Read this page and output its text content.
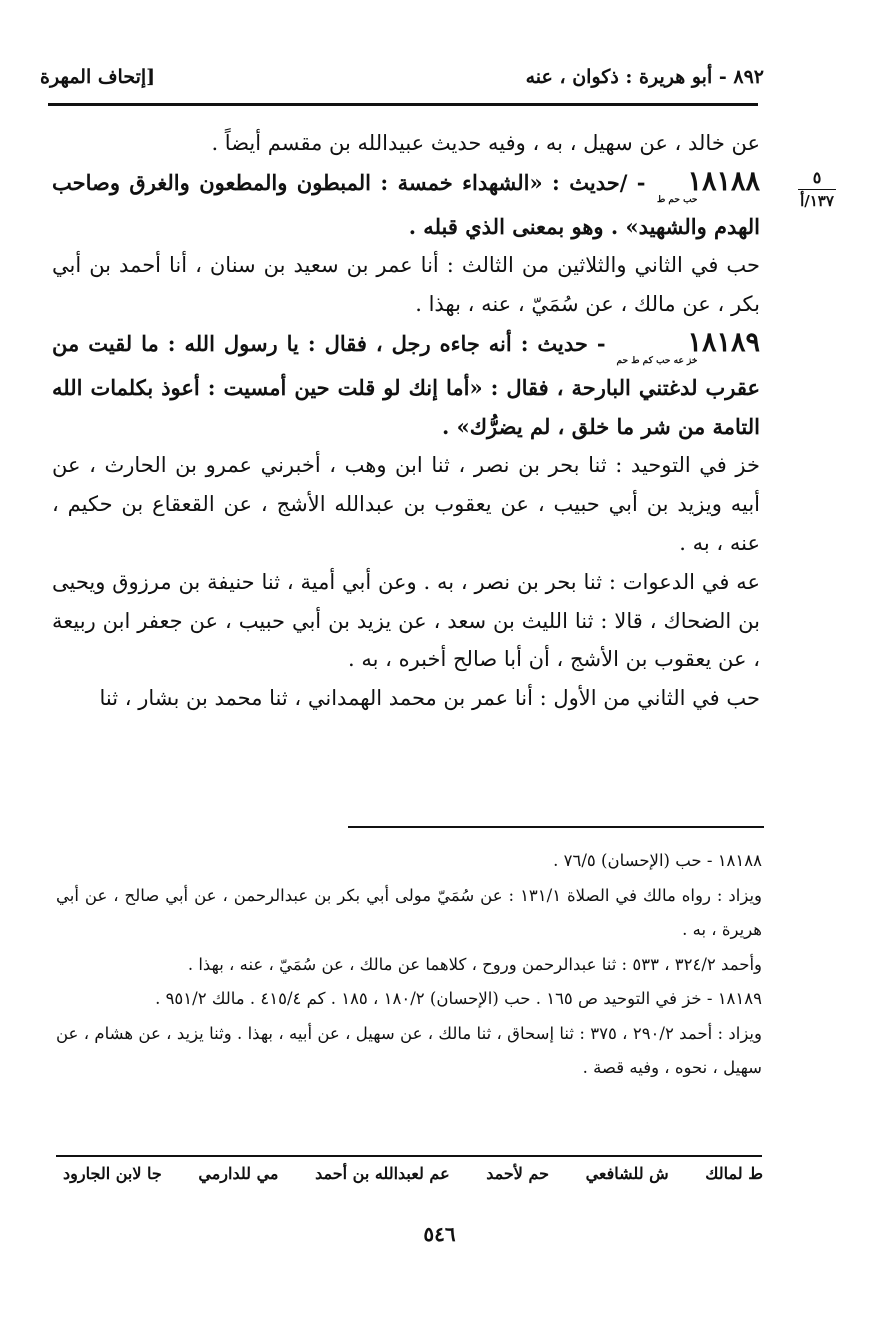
٨٩٢ - أبو هريرة : ذكوان ، عنه
[إتحاف المهرة
٥
١٣٧/أ

عن خالد ، عن سهيل ، به ، وفيه حديث عبيدالله بن مقسم أيضاً .

١٨١٨٨حب حم ط - /حديث : «الشهداء خمسة : المبطون والمطعون والغرق وصاحب الهدم والشهيد» . وهو بمعنى الذي قبله .

حب في الثاني والثلاثين من الثالث : أنا عمر بن سعيد بن سنان ، أنا أحمد بن أبي بكر ، عن مالك ، عن سُمَيّ ، عنه ، بهذا .

١٨١٨٩خز عه حب كم ط حم - حديث : أنه جاءه رجل ، فقال : يا رسول الله : ما لقيت من عقرب لدغتني البارحة ، فقال : «أما إنك لو قلت حين أمسيت : أعوذ بكلمات الله التامة من شر ما خلق ، لم يضرُّك» .

خز في التوحيد : ثنا بحر بن نصر ، ثنا ابن وهب ، أخبرني عمرو بن الحارث ، عن أبيه ويزيد بن أبي حبيب ، عن يعقوب بن عبدالله الأشج ، عن القعقاع بن حكيم ، عنه ، به .

عه في الدعوات : ثنا بحر بن نصر ، به . وعن أبي أمية ، ثنا حنيفة بن مرزوق ويحيى بن الضحاك ، قالا : ثنا الليث بن سعد ، عن يزيد بن أبي حبيب ، عن جعفر ابن ربيعة ، عن يعقوب بن الأشج ، أن أبا صالح أخبره ، به .

حب في الثاني من الأول : أنا عمر بن محمد الهمداني ، ثنا محمد بن بشار ، ثنا

١٨١٨٨ - حب (الإحسان) ٧٦/٥ .

ويزاد : رواه مالك في الصلاة ١٣١/١ : عن سُمَيّ مولى أبي بكر بن عبدالرحمن ، عن أبي صالح ، عن أبي هريرة ، به .

وأحمد ٣٢٤/٢ ، ٥٣٣ : ثنا عبدالرحمن وروح ، كلاهما عن مالك ، عن سُمَيّ ، عنه ، بهذا .

١٨١٨٩ - خز في التوحيد ص ١٦٥ . حب (الإحسان) ١٨٠/٢ ، ١٨٥ . كم ٤١٥/٤ . مالك ٩٥١/٢ .

ويزاد : أحمد ٢٩٠/٢ ، ٣٧٥ : ثنا إسحاق ، ثنا مالك ، عن سهيل ، عن أبيه ، بهذا . وثنا يزيد ، عن هشام ، عن سهيل ، نحوه ، وفيه قصة .

ط لمالك
ش للشافعي
حم لأحمد
عم لعبدالله بن أحمد
مي للدارمي
جا لابن الجارود
٥٤٦
